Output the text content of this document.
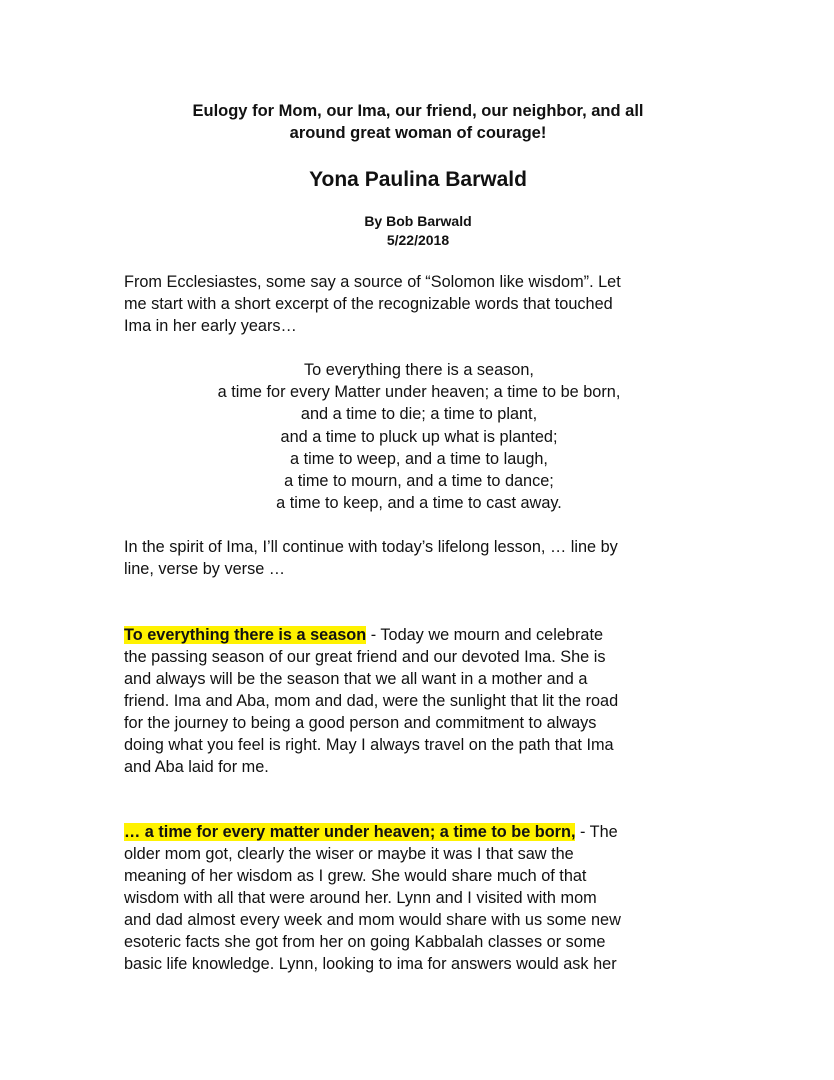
Eulogy for Mom, our Ima, our friend, our neighbor, and all
around great woman of courage!
Yona Paulina Barwald
By Bob Barwald
5/22/2018

From Ecclesiastes, some say a source of “Solomon like wisdom”. Let

me start with a short excerpt of the recognizable words that touched

Ima in her early years…

To everything there is a season,
a time for every Matter under heaven; a time to be born,
and a time to die; a time to plant,
and a time to pluck up what is planted;
a time to weep, and a time to laugh,
a time to mourn, and a time to dance;
a time to keep, and a time to cast away.

In the spirit of Ima, I’ll continue with today’s lifelong lesson, … line by

line, verse by verse …

To everything there is a season - Today we mourn and celebrate

the passing season of our great friend and our devoted Ima. She is

and always will be the season that we all want in a mother and a

friend. Ima and Aba, mom and dad, were the sunlight that lit the road

for the journey to being a good person and commitment to always

doing what you feel is right. May I always travel on the path that Ima

and Aba laid for me.

… a time for every matter under heaven; a time to be born, - The

older mom got, clearly the wiser or maybe it was I that saw the

meaning of her wisdom as I grew. She would share much of that

wisdom with all that were around her. Lynn and I visited with mom

and dad almost every week and mom would share with us some new

esoteric facts she got from her on going Kabbalah classes or some

basic life knowledge. Lynn, looking to ima for answers would ask her
